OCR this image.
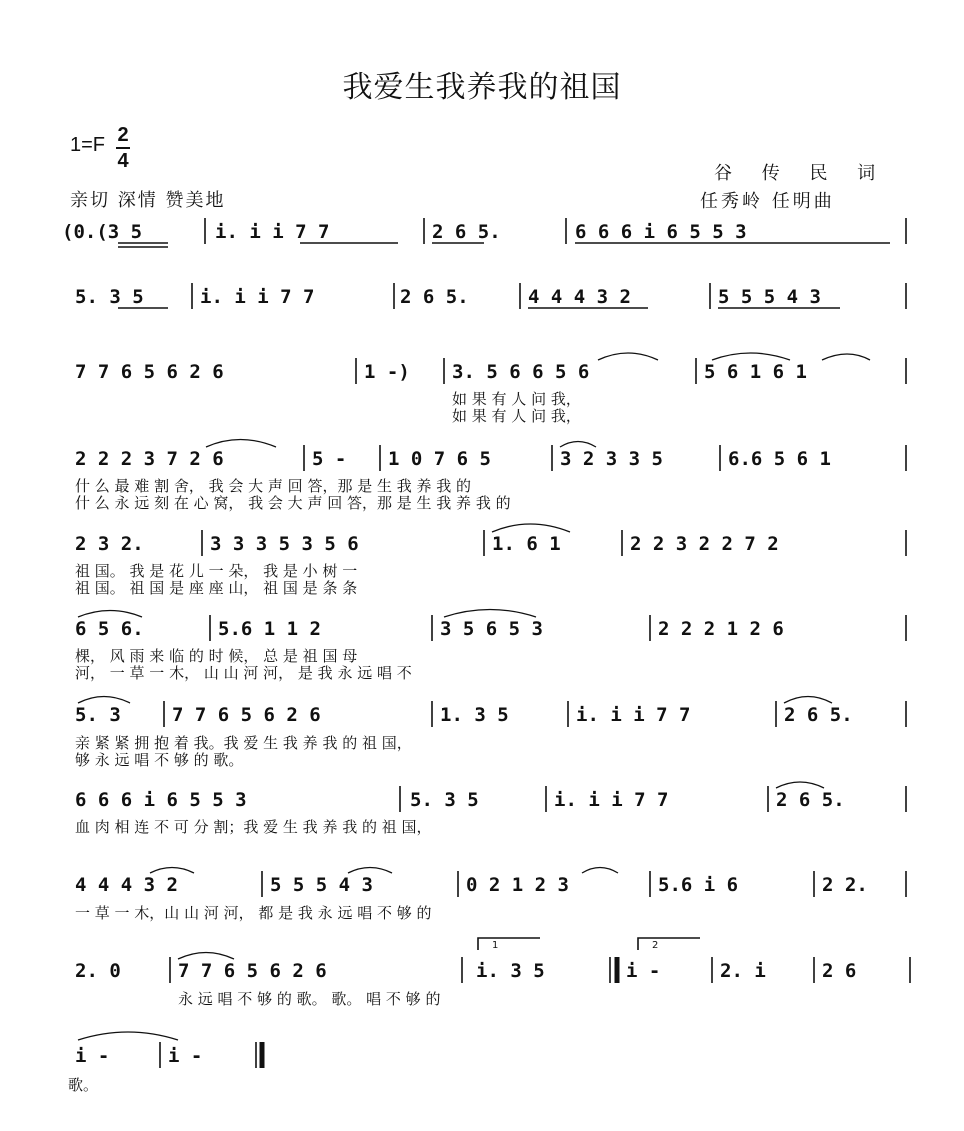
我爱生我养我的祖国
1=F 2
4
亲切 深情 赞美地
谷 传 民 词
任秀岭 任明曲
(0.(3 5	i. i i 7 7	2 6 5.	6 6 6 i 6 5 5 3
5. 3 5	i. i i 7 7	2 6 5.	4 4 4 3 2	5 5 5 4 3
7 7 6 5 6 2 6	1 -) 3. 5 6 6 5 6	5 6 1 6 1
如 果 有 人 问 我，
如 果 有 人 问 我，
2 2 2 3 7 2 6	5 - 1 0 7 6 5	3 2 3 3 5	6.6 5 6 1
什 么 最 难 割 舍， 我 会 大 声 回 答，那 是 生 我 养 我 的
什 么 永 远 刻 在 心 窝， 我 会 大 声 回 答，那 是 生 我 养 我 的
2 3 2.	3 3 3 5 3 5 6	1. 6 1	2 2 3 2 2 7 2
祖 国。 我 是 花 儿 一 朵， 我 是 小 树 一
祖 国。 祖 国 是 座 座 山， 祖 国 是 条 条
6 5 6.	5.6 1 1 2	3 5 6 5 3	2 2 2 1 2 6
棵， 风 雨 来 临 的 时 候， 总 是 祖 国 母
河， 一 草 一 木， 山 山 河 河， 是 我 永 远 唱 不
5. 3	7 7 6 5 6 2 6	1. 3 5	i. i i 7 7	2 6 5.
亲 紧 紧 拥 抱 着 我。我 爱 生 我 养 我 的 祖 国，
够 永 远 唱 不 够 的 歌。
6 6 6 i 6 5 5 3	5. 3 5	i. i i 7 7	2 6 5.
血 肉 相 连 不 可 分 割；我 爱 生 我 养 我 的 祖 国，
4 4 4 3 2	5 5 5 4 3	0 2 1 2 3	5.6 i 6	2 2.
一 草 一 木，山 山 河 河， 都 是 我 永 远 唱 不 够 的
2. 0	7 7 6 5 6 2 6	i. 3 5	i -	2. i	2 6
1	2
永 远 唱 不 够 的 歌。 歌。 唱 不 够 的
i -	i -
歌。
